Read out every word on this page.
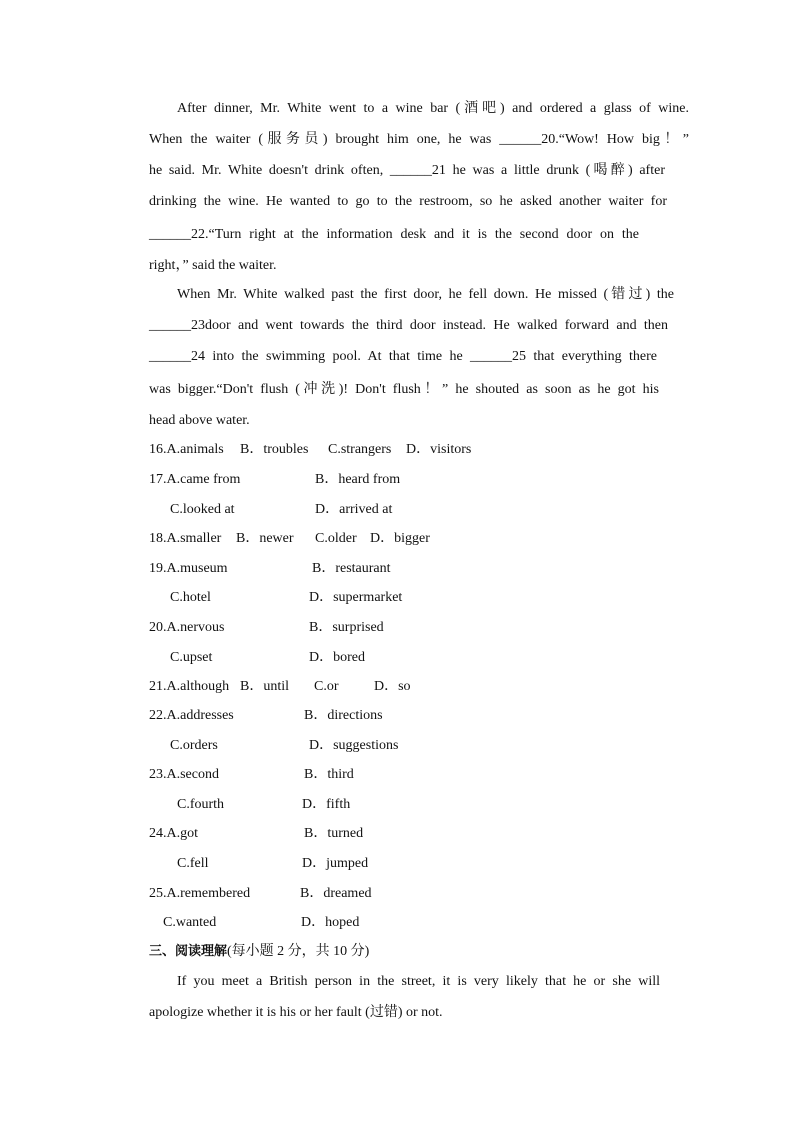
After dinner, Mr. White went to a wine bar (酒吧) and ordered a glass of wine.
When the waiter (服务员) brought him one, he was ______20.“Wow! How big！”
he said. Mr. White doesn't drink often, ______21 he was a little drunk (喝醉) after
drinking the wine. He wanted to go to the restroom, so he asked another waiter for
______22.“Turn right at the information desk and it is the second door on the
right，” said the waiter.
When Mr. White walked past the first door, he fell down. He missed (错过) the
______23door and went towards the third door instead. He walked forward and then
______24 into the swimming pool. At that time he ______25 that everything there
was bigger.“Don't flush (冲洗)! Don't flush！” he shouted as soon as he got his
head above water.
16.A.animals B．troubles C.strangers D．visitors
17.A.came from	B．heard from
C.looked at	D．arrived at
18.A.smaller B．newer C.older D．bigger
19.A.museum	B．restaurant
C.hotel	D．supermarket
20.A.nervous	B．surprised
C.upset	D．bored
21.A.although B．until C.or	D．so
22.A.addresses	B．directions
C.orders	D．suggestions
23.A.second	B．third
C.fourth	D．fifth
24.A.got	B．turned
C.fell	D．jumped
25.A.remembered	B．dreamed
C.wanted	D．hoped
三、阅读理解(每小题 2 分，共 10 分)
If you meet a British person in the street, it is very likely that he or she will
apologize whether it is his or her fault (过错) or not.
